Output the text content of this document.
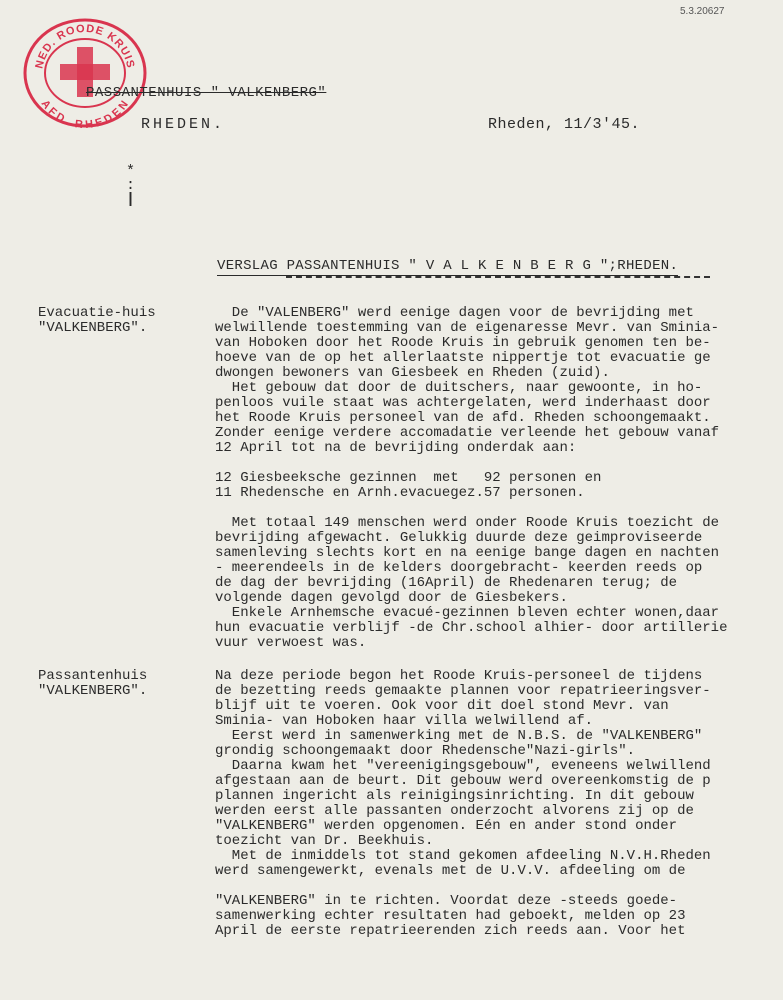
NED. ROODE KRUIS
AFD. RHEDEN
5.3.20627
PASSANTENHUIS " VALKENBERG"
RHEDEN.	Rheden, 11/3'45.
*
:
|
VERSLAG PASSANTENHUIS " V A L K E N B E R G ";RHEDEN.
Evacuatie-huis
"VALKENBERG".
De "VALENBERG" werd eenige dagen voor de bevrijding met
welwillende toestemming van de eigenaresse Mevr. van Sminia-
van Hoboken door het Roode Kruis in gebruik genomen ten be-
hoeve van de op het allerlaatste nippertje tot evacuatie ge
dwongen bewoners van Giesbeek en Rheden (zuid).
Het gebouw dat door de duitschers, naar gewoonte, in ho-
penloos vuile staat was achtergelaten, werd inderhaast door
het Roode Kruis personeel van de afd. Rheden schoongemaakt.
Zonder eenige verdere accomadatie verleende het gebouw vanaf
12 April tot na de bevrijding onderdak aan:
12 Giesbeeksche gezinnen  met   92 personen en
11 Rhedensche en Arnh.evacuegez.57 personen.
Met totaal 149 menschen werd onder Roode Kruis toezicht de
bevrijding afgewacht. Gelukkig duurde deze geimproviseerde
samenleving slechts kort en na eenige bange dagen en nachten
- meerendeels in de kelders doorgebracht- keerden reeds op
de dag der bevrijding (16April) de Rhedenaren terug; de
volgende dagen gevolgd door de Giesbekers.
Enkele Arnhemsche evacué-gezinnen bleven echter wonen,daar
hun evacuatie verblijf -de Chr.school alhier- door artillerie
vuur verwoest was.
Passantenhuis
"VALKENBERG".
Na deze periode begon het Roode Kruis-personeel de tijdens
de bezetting reeds gemaakte plannen voor repatrieeringsver-
blijf uit te voeren. Ook voor dit doel stond Mevr. van
Sminia- van Hoboken haar villa welwillend af.
Eerst werd in samenwerking met de N.B.S. de "VALKENBERG"
grondig schoongemaakt door Rhedensche"Nazi-girls".
Daarna kwam het "vereenigingsgebouw", eveneens welwillend
afgestaan aan de beurt. Dit gebouw werd overeenkomstig de p
plannen ingericht als reinigingsinrichting. In dit gebouw
werden eerst alle passanten onderzocht alvorens zij op de
"VALKENBERG" werden opgenomen. Eén en ander stond onder
toezicht van Dr. Beekhuis.
Met de inmiddels tot stand gekomen afdeeling N.V.H.Rheden
werd samengewerkt, evenals met de U.V.V. afdeeling om de
"VALKENBERG" in te richten. Voordat deze -steeds goede-
samenwerking echter resultaten had geboekt, melden op 23
April de eerste repatrieerenden zich reeds aan. Voor het
